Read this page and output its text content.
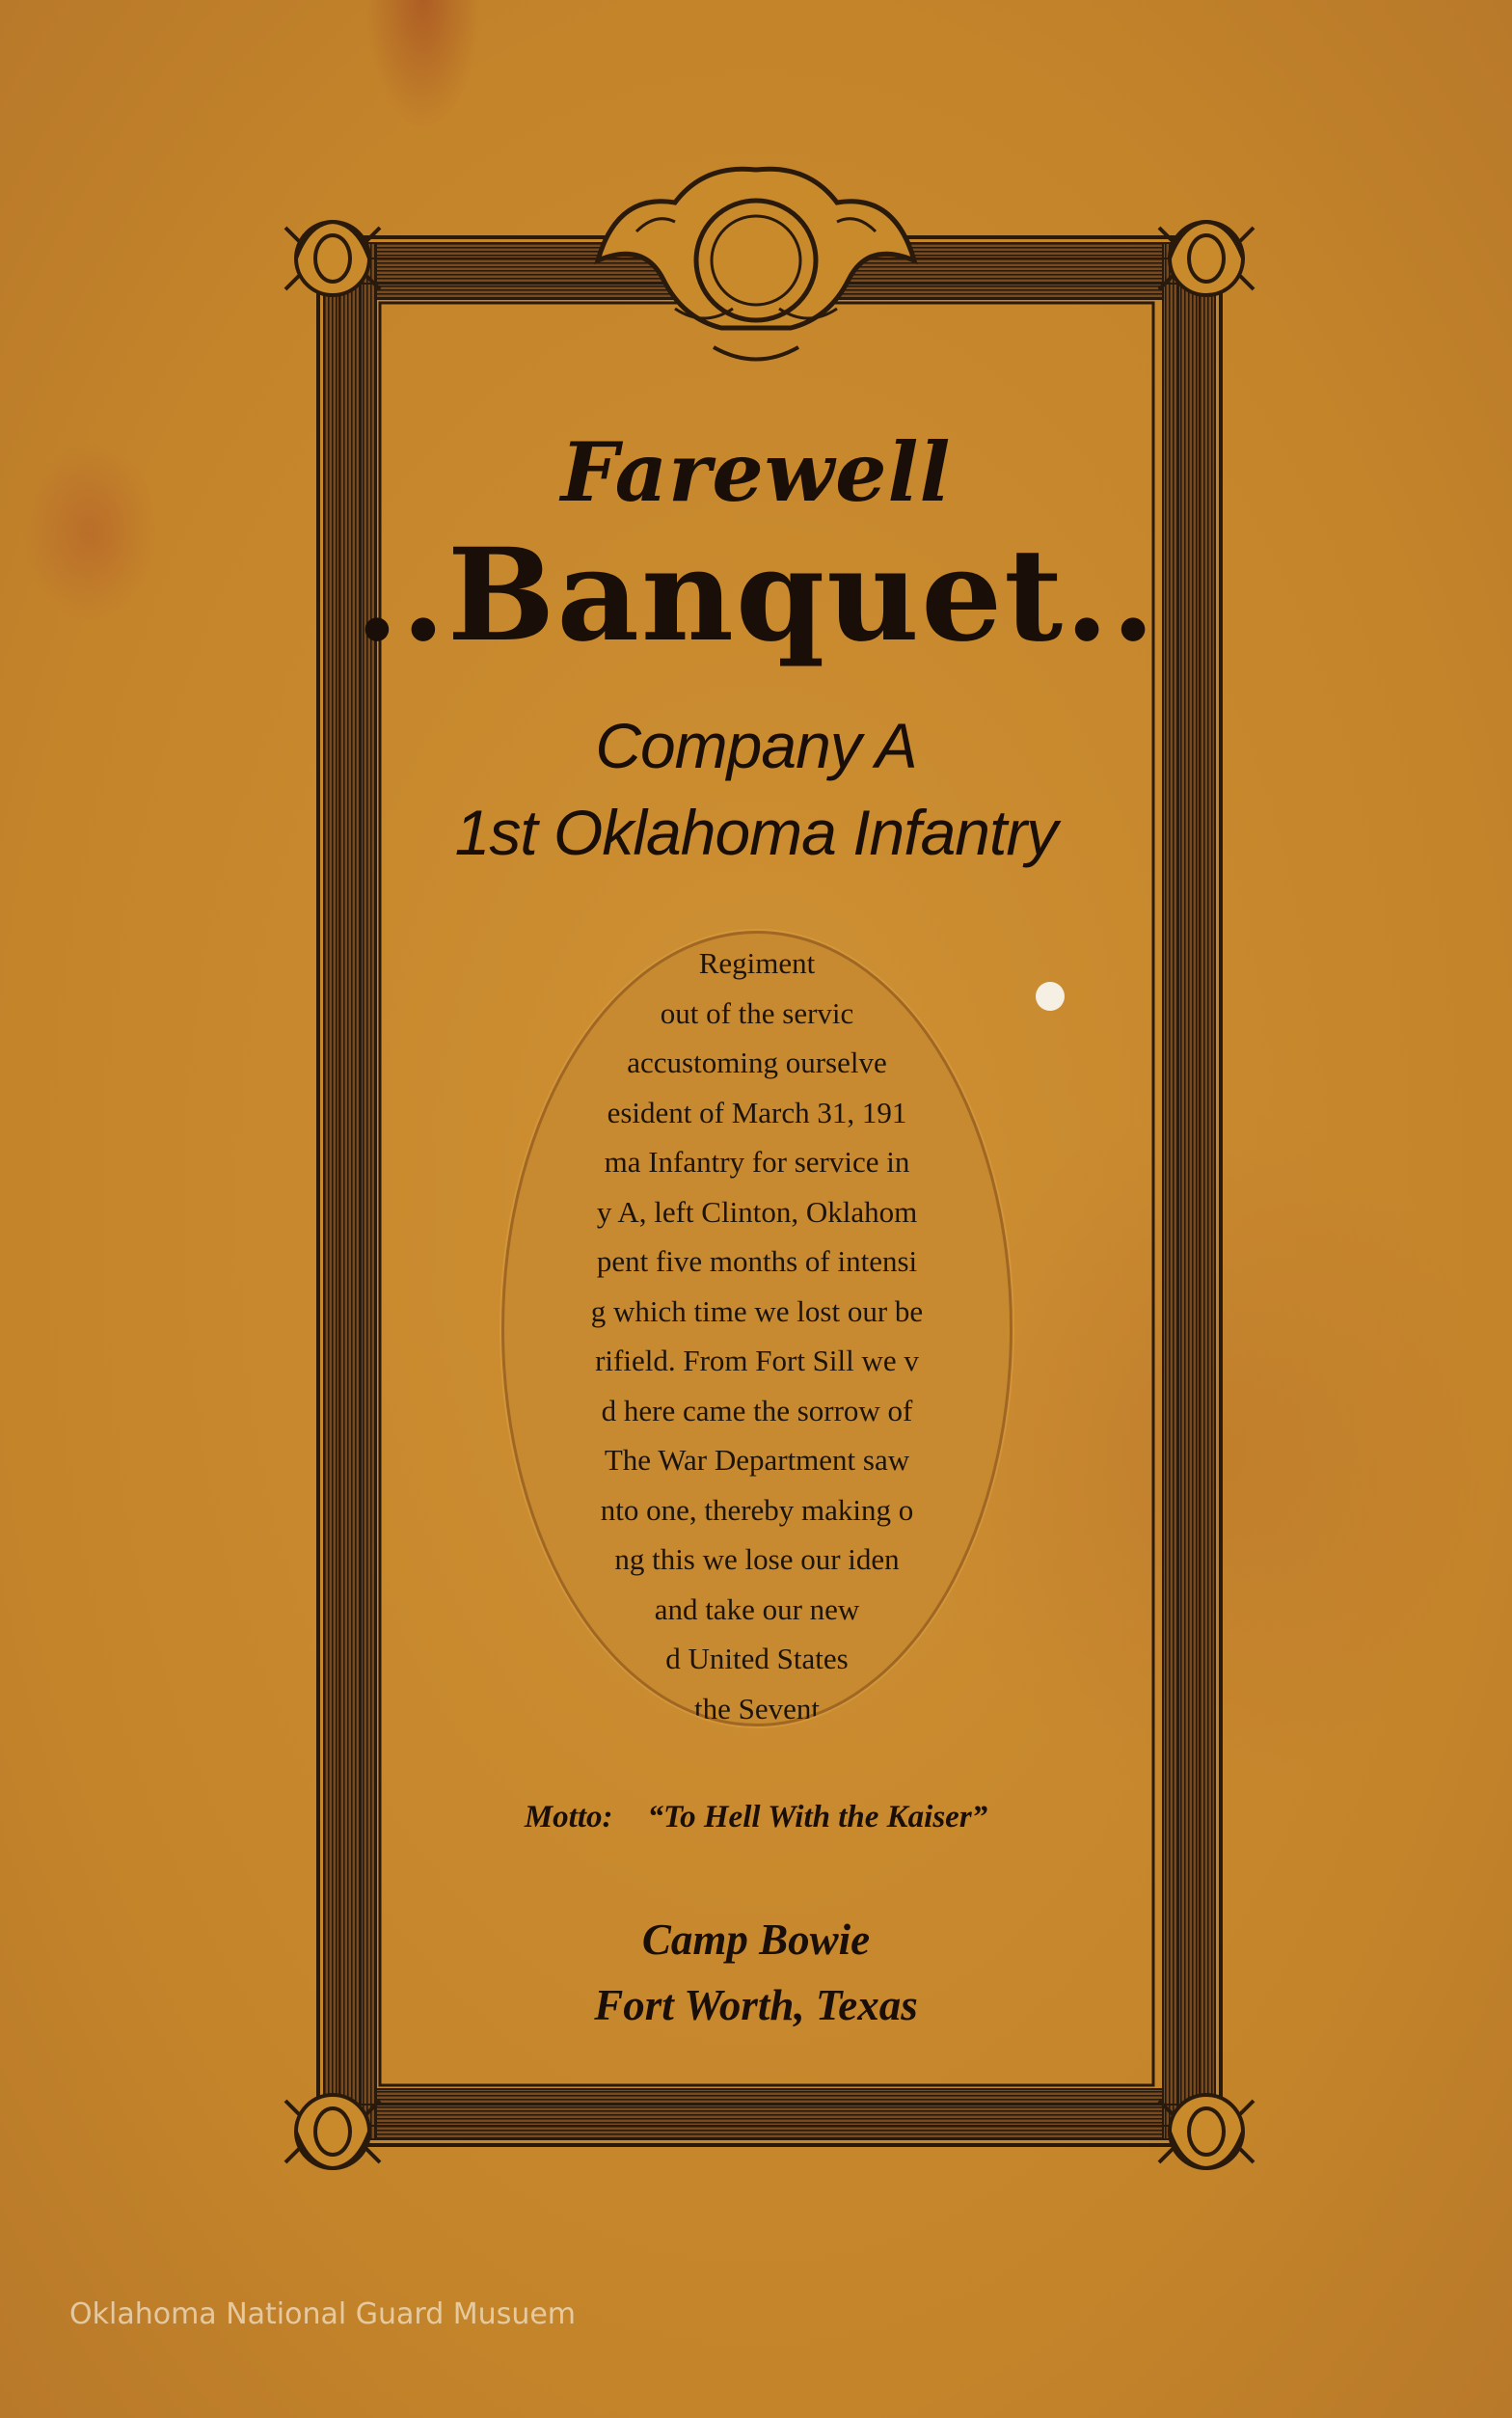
Farewell
..Banquet..
Company A
1st Oklahoma Infantry
Regiment
out of the servic
accustoming ourselve
esident of March 31, 191
ma Infantry for service in
y A, left Clinton, Oklahom
pent five months of intensi
g which time we lost our be
rifield. From Fort Sill we v
d here came the sorrow of
The War Department saw
nto one, thereby making o
ng this we lose our iden
and take our new
d United States
the Sevent
Motto: “To Hell With the Kaiser”
Camp Bowie
Fort Worth, Texas
Oklahoma National Guard Musuem
